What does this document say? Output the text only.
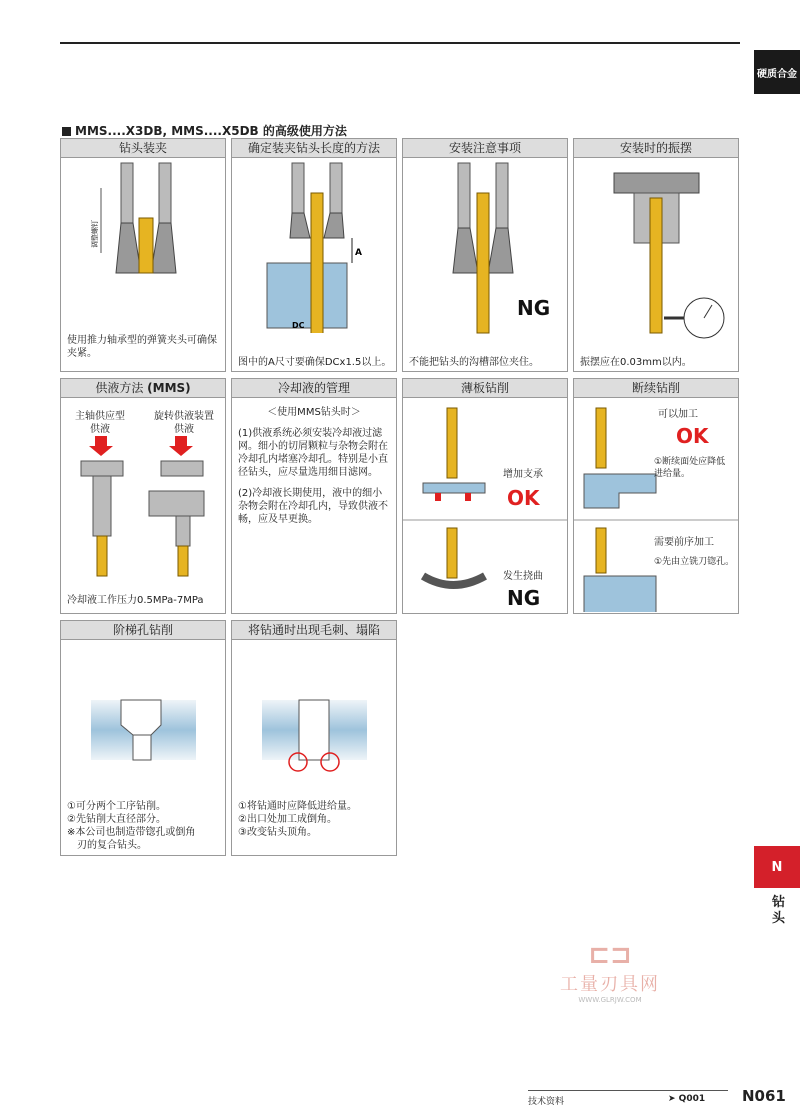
硬质合金
MMS....X3DB, MMS....X5DB 的高级使用方法
钻头装夹
调整螺钉
使用推力轴承型的弹簧夹头可确保夹紧。
确定装夹钻头长度的方法
A
DC
图中的A尺寸要确保DCx1.5以上。
安装注意事项
NG
不能把钻头的沟槽部位夹住。
安装时的振摆
振摆应在0.03mm以内。
供液方法 (MMS)
主轴供应型
供液
旋转供液装置
供液
冷却液工作压力0.5MPa-7MPa
冷却液的管理
＜使用MMS钻头时＞
(1)供液系统必须安装冷却液过滤网。细小的切屑颗粒与杂物会附在冷却孔内堵塞冷却孔。特别是小直径钻头，应尽量选用细目滤网。
(2)冷却液长期使用，液中的细小杂物会附在冷却孔内，导致供液不畅，应及早更换。
薄板钻削
增加支承
OK
发生挠曲
NG
断续钻削
可以加工
OK
①断续面处应降低进给量。
需要前序加工
①先由立铣刀锪孔。
阶梯孔钻削
①可分两个工序钻削。
②先钻削大直径部分。
※本公司也制造带锪孔或倒角
　刃的复合钻头。
将钻通时出现毛刺、塌陷
①将钻通时应降低进给量。
②出口处加工成倒角。
③改变钻头顶角。
N
钻头
⊏⊐
工量刃具网
WWW.GLRJW.COM
技术资料	➤ Q001 N061
